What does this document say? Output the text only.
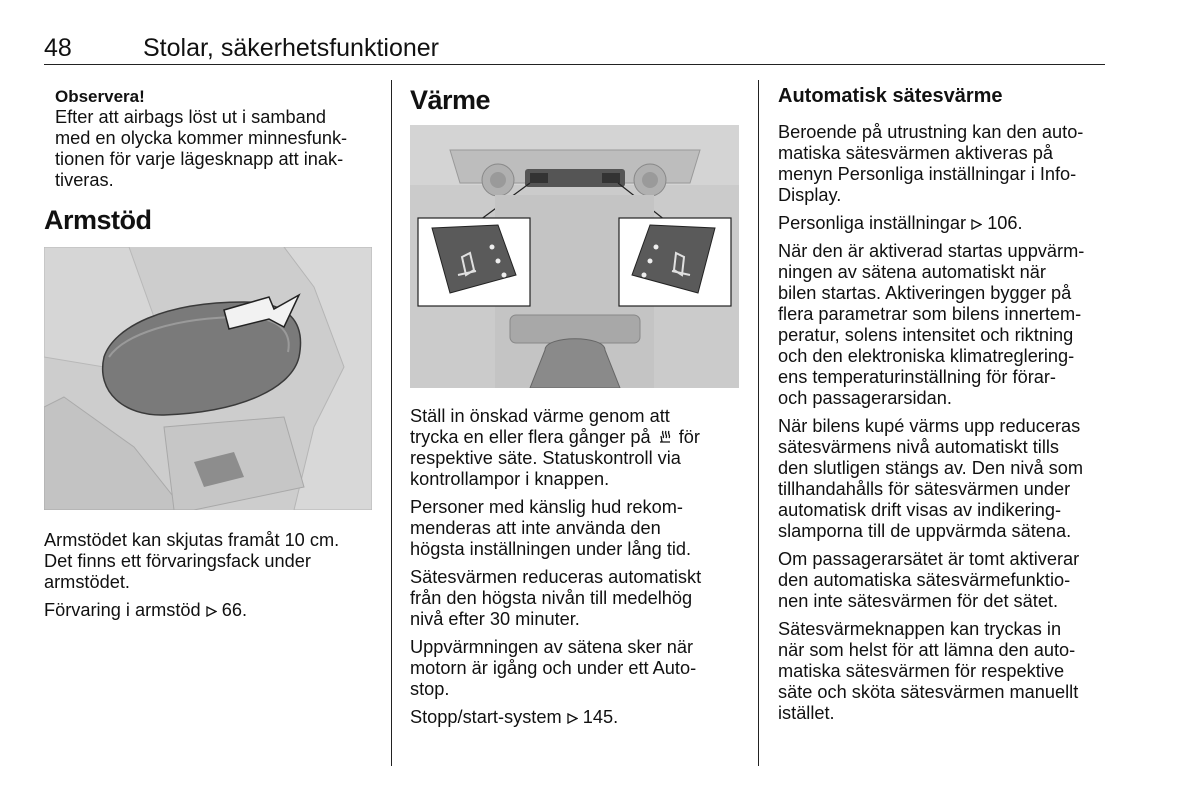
48	Stolar, säkerhetsfunktioner
Observera!
Efter att airbags löst ut i samband
med en olycka kommer minnesfunk-
tionen för varje lägesknapp att inak-
tiveras.
Armstöd

Armstödet kan skjutas framåt 10 cm.
Det finns ett förvaringsfack under
armstödet.

Förvaring i armstöd 66.

Värme

Ställ in önskad värme genom att
trycka en eller flera gånger på för
respektive säte. Statuskontroll via
kontrollampor i knappen.

Personer med känslig hud rekom-
menderas att inte använda den
högsta inställningen under lång tid.

Sätesvärmen reduceras automatiskt
från den högsta nivån till medelhög
nivå efter 30 minuter.

Uppvärmningen av sätena sker när
motorn är igång och under ett Auto-
stop.

Stopp/start-system 145.

Automatisk sätesvärme

Beroende på utrustning kan den auto-
matiska sätesvärmen aktiveras på
menyn Personliga inställningar i Info-
Display.

Personliga inställningar 106.

När den är aktiverad startas uppvärm-
ningen av sätena automatiskt när
bilen startas. Aktiveringen bygger på
flera parametrar som bilens innertem-
peratur, solens intensitet och riktning
och den elektroniska klimatreglering-
ens temperaturinställning för förar-
och passagerarsidan.

När bilens kupé värms upp reduceras
sätesvärmens nivå automatiskt tills
den slutligen stängs av. Den nivå som
tillhandahålls för sätesvärmen under
automatisk drift visas av indikering-
slamporna till de uppvärmda sätena.

Om passagerarsätet är tomt aktiverar
den automatiska sätesvärmefunktio-
nen inte sätesvärmen för det sätet.

Sätesvärmeknappen kan tryckas in
när som helst för att lämna den auto-
matiska sätesvärmen för respektive
säte och sköta sätesvärmen manuellt
istället.
